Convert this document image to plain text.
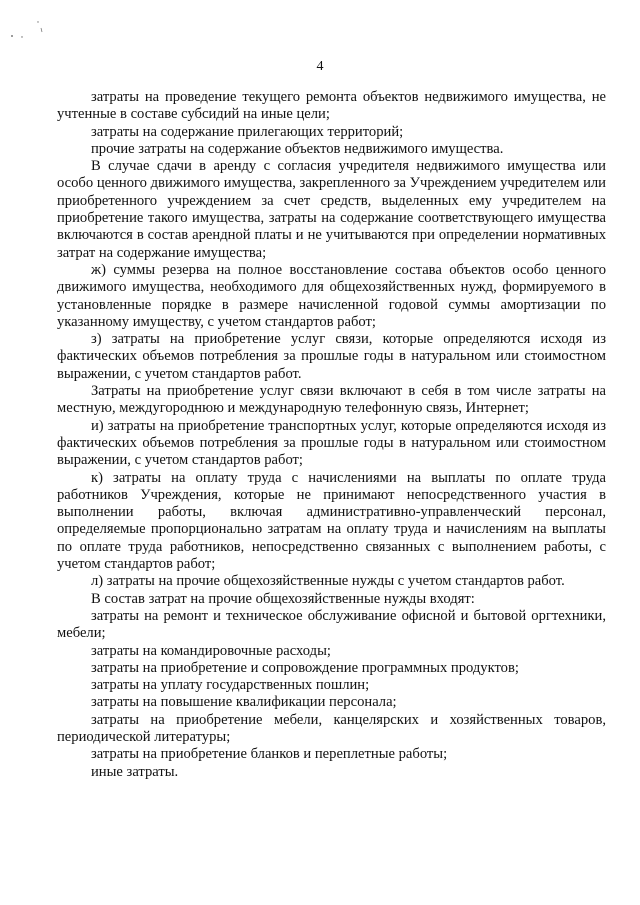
4

затраты на проведение текущего ремонта объектов недвижимого имущества, не учтенные в составе субсидий на иные цели;

затраты на содержание прилегающих территорий;

прочие затраты на содержание объектов недвижимого имущества.

В случае сдачи в аренду с согласия учредителя недвижимого имущества или особо ценного движимого имущества, закрепленного за Учреждением учредителем или приобретенного учреждением за счет средств, выделенных ему учредителем на приобретение такого имущества, затраты на содержание соответствующего имущества включаются в состав арендной платы и не учитываются при определении нормативных затрат на содержание имущества;

ж) суммы резерва на полное восстановление состава объектов особо ценного движимого имущества, необходимого для общехозяйственных нужд, формируемого в установленные порядке в размере начисленной годовой суммы амортизации по указанному имуществу, с учетом стандартов работ;

з) затраты на приобретение услуг связи, которые определяются исходя из фактических объемов потребления за прошлые годы в натуральном или стоимостном выражении, с учетом стандартов работ.

Затраты на приобретение услуг связи включают в себя в том числе затраты на местную, междугороднюю и международную телефонную связь, Интернет;

и) затраты на приобретение транспортных услуг, которые определяются исходя из фактических объемов потребления за прошлые годы в натуральном или стоимостном выражении, с учетом стандартов работ;

к) затраты на оплату труда с начислениями на выплаты по оплате труда работников Учреждения, которые не принимают непосредственного участия в выполнении работы, включая административно-управленческий персонал, определяемые пропорционально затратам на оплату труда и начислениям на выплаты по оплате труда работников, непосредственно связанных с выполнением работы, с учетом стандартов работ;

л) затраты на прочие общехозяйственные нужды с учетом стандартов работ.

В состав затрат на прочие общехозяйственные нужды входят:

затраты на ремонт и техническое обслуживание офисной и бытовой оргтехники, мебели;

затраты на командировочные расходы;

затраты на приобретение и сопровождение программных продуктов;

затраты на уплату государственных пошлин;

затраты на повышение квалификации персонала;

затраты на приобретение мебели, канцелярских и хозяйственных товаров, периодической литературы;

затраты на приобретение бланков и переплетные работы;

иные затраты.
